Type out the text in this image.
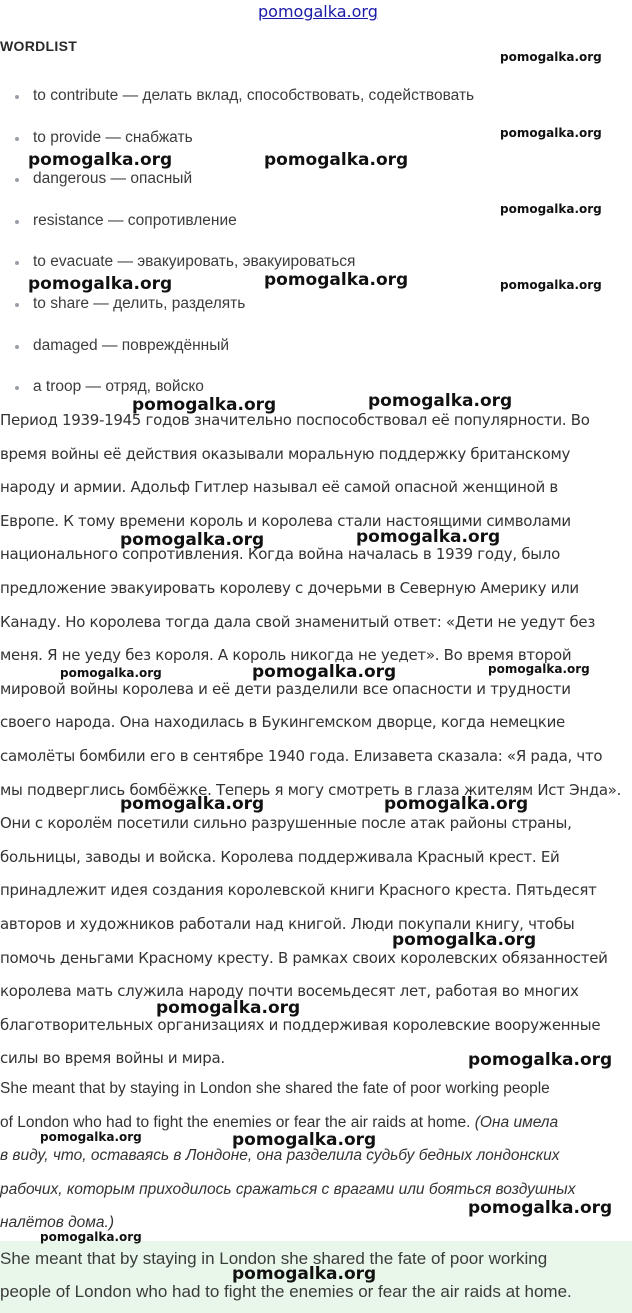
pomogalka.org
WORDLIST
to contribute — делать вклад, способствовать, содействовать
to provide — снабжать
dangerous — опасный
resistance — сопротивление
to evacuate — эвакуировать, эвакуироваться
to share — делить, разделять
damaged — повреждённый
a troop — отряд, войско
Период 1939-1945 годов значительно поспособствовал её популярности. Во
время войны её действия оказывали моральную поддержку британскому
народу и армии. Адольф Гитлер называл её самой опасной женщиной в
Европе. К тому времени король и королева стали настоящими символами
национального сопротивления. Когда война началась в 1939 году, было
предложение эвакуировать королеву с дочерьми в Северную Америку или
Канаду. Но королева тогда дала свой знаменитый ответ: «Дети не уедут без
меня. Я не уеду без короля. А король никогда не уедет». Во время второй
мировой войны королева и её дети разделили все опасности и трудности
своего народа. Она находилась в Букингемском дворце, когда немецкие
самолёты бомбили его в сентябре 1940 года. Елизавета сказала: «Я рада, что
мы подверглись бомбёжке. Теперь я могу смотреть в глаза жителям Ист Энда».
Они с королём посетили сильно разрушенные после атак районы страны,
больницы, заводы и войска. Королева поддерживала Красный крест. Ей
принадлежит идея создания королевской книги Красного креста. Пятьдесят
авторов и художников работали над книгой. Люди покупали книгу, чтобы
помочь деньгами Красному кресту. В рамках своих королевских обязанностей
королева мать служила народу почти восемьдесят лет, работая во многих
благотворительных организациях и поддерживая королевские вооруженные
силы во время войны и мира.
She meant that by staying in London she shared the fate of poor working people
of London who had to fight the enemies or fear the air raids at home. (Она имела
в виду, что, оставаясь в Лондоне, она разделила судьбу бедных лондонских
рабочих, которым приходилось сражаться с врагами или бояться воздушных
налётов дома.)
She meant that by staying in London she shared the fate of poor working
people of London who had to fight the enemies or fear the air raids at home.
pomogalka.org
pomogalka.org
pomogalka.org	pomogalka.org
pomogalka.org
pomogalka.org	pomogalka.org	pomogalka.org
pomogalka.org	pomogalka.org
pomogalka.org	pomogalka.org
pomogalka.org	pomogalka.org	pomogalka.org
pomogalka.org	pomogalka.org
pomogalka.org
pomogalka.org
pomogalka.org
pomogalka.org	pomogalka.org
pomogalka.org
pomogalka.org
pomogalka.org
